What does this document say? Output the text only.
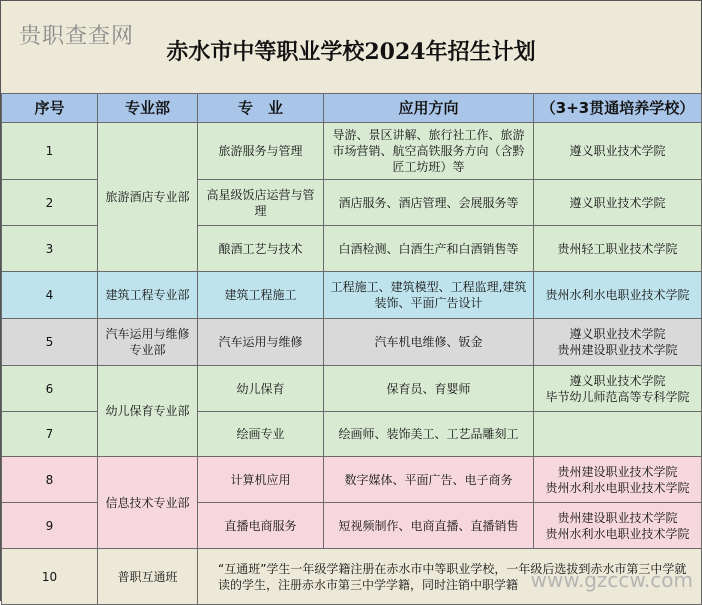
贵职查查网
赤水市中等职业学校2024年招生计划
序号	专业部	专　业	应用方向	（3+3贯通培养学校）
1	旅游酒店专业部	旅游服务与管理	导游、景区讲解、旅行社工作、旅游市场营销、航空高铁服务方向（含黔匠工坊班）等	遵义职业技术学院
2		高星级饭店运营与管理	酒店服务、酒店管理、会展服务等	遵义职业技术学院
3		酿酒工艺与技术	白酒检测、白酒生产和白酒销售等	贵州轻工职业技术学院
4	建筑工程专业部	建筑工程施工	工程施工、建筑模型、工程监理,建筑装饰、平面广告设计	贵州水利水电职业技术学院
5	汽车运用与维修专业部	汽车运用与维修	汽车机电维修、钣金	遵义职业技术学院
贵州建设职业技术学院
6	幼儿保育专业部	幼儿保育	保育员、育婴师	遵义职业技术学院
毕节幼儿师范高等专科学院
7		绘画专业	绘画师、装饰美工、工艺品雕刻工	
8	信息技术专业部	计算机应用	数字媒体、平面广告、电子商务	贵州建设职业技术学院
贵州水利水电职业技术学院
9		直播电商服务	短视频制作、电商直播、直播销售	贵州建设职业技术学院
贵州水利水电职业技术学院
10	普职互通班	“互通班”学生一年级学籍注册在赤水市中等职业学校，一年级后选拔到赤水市第三中学就读的学生，注册赤水市第三中学学籍，同时注销中职学籍		www.gzccw.com
